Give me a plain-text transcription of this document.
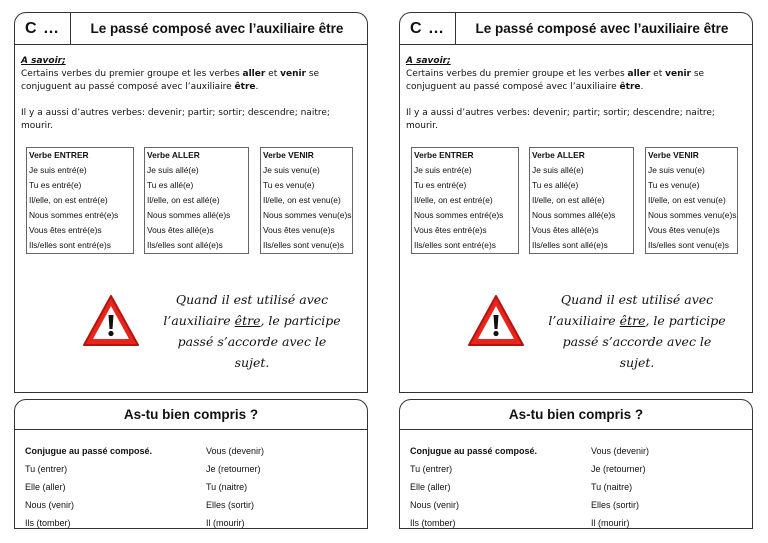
C …	Le passé composé avec l’auxiliaire être
A savoir;

Certains verbes du premier groupe et les verbes aller et venir se conjuguent au passé composé avec l’auxiliaire être.

Il y a aussi d’autres verbes: devenir; partir; sortir; descendre; naitre; mourir.

Verbe ENTRER
Je suis entré(e)
Tu es entré(e)
Il/elle, on est entré(e)
Nous sommes entré(e)s
Vous êtes entré(e)s
Ils/elles sont entré(e)s
Verbe ALLER
Je suis allé(e)
Tu es allé(e)
Il/elle, on est allé(e)
Nous sommes allé(e)s
Vous êtes allé(e)s
Ils/elles sont allé(e)s
Verbe VENIR
Je suis venu(e)
Tu es venu(e)
Il/elle, on est venu(e)
Nous sommes venu(e)s
Vous êtes venu(e)s
Ils/elles sont venu(e)s
Quand il est utilisé avec
l’auxiliaire être, le participe
passé s’accorde avec le sujet.
As-tu bien compris ?
Conjugue au passé composé.
Tu (entrer)
Elle (aller)
Nous (venir)
Ils (tomber)
Vous (devenir)
Je (retourner)
Tu (naitre)
Elles (sortir)
Il (mourir)
C …	Le passé composé avec l’auxiliaire être
A savoir;

Certains verbes du premier groupe et les verbes aller et venir se conjuguent au passé composé avec l’auxiliaire être.

Il y a aussi d’autres verbes: devenir; partir; sortir; descendre; naitre; mourir.

Verbe ENTRER
Je suis entré(e)
Tu es entré(e)
Il/elle, on est entré(e)
Nous sommes entré(e)s
Vous êtes entré(e)s
Ils/elles sont entré(e)s
Verbe ALLER
Je suis allé(e)
Tu es allé(e)
Il/elle, on est allé(e)
Nous sommes allé(e)s
Vous êtes allé(e)s
Ils/elles sont allé(e)s
Verbe VENIR
Je suis venu(e)
Tu es venu(e)
Il/elle, on est venu(e)
Nous sommes venu(e)s
Vous êtes venu(e)s
Ils/elles sont venu(e)s
Quand il est utilisé avec
l’auxiliaire être, le participe
passé s’accorde avec le sujet.
As-tu bien compris ?
Conjugue au passé composé.
Tu (entrer)
Elle (aller)
Nous (venir)
Ils (tomber)
Vous (devenir)
Je (retourner)
Tu (naitre)
Elles (sortir)
Il (mourir)
